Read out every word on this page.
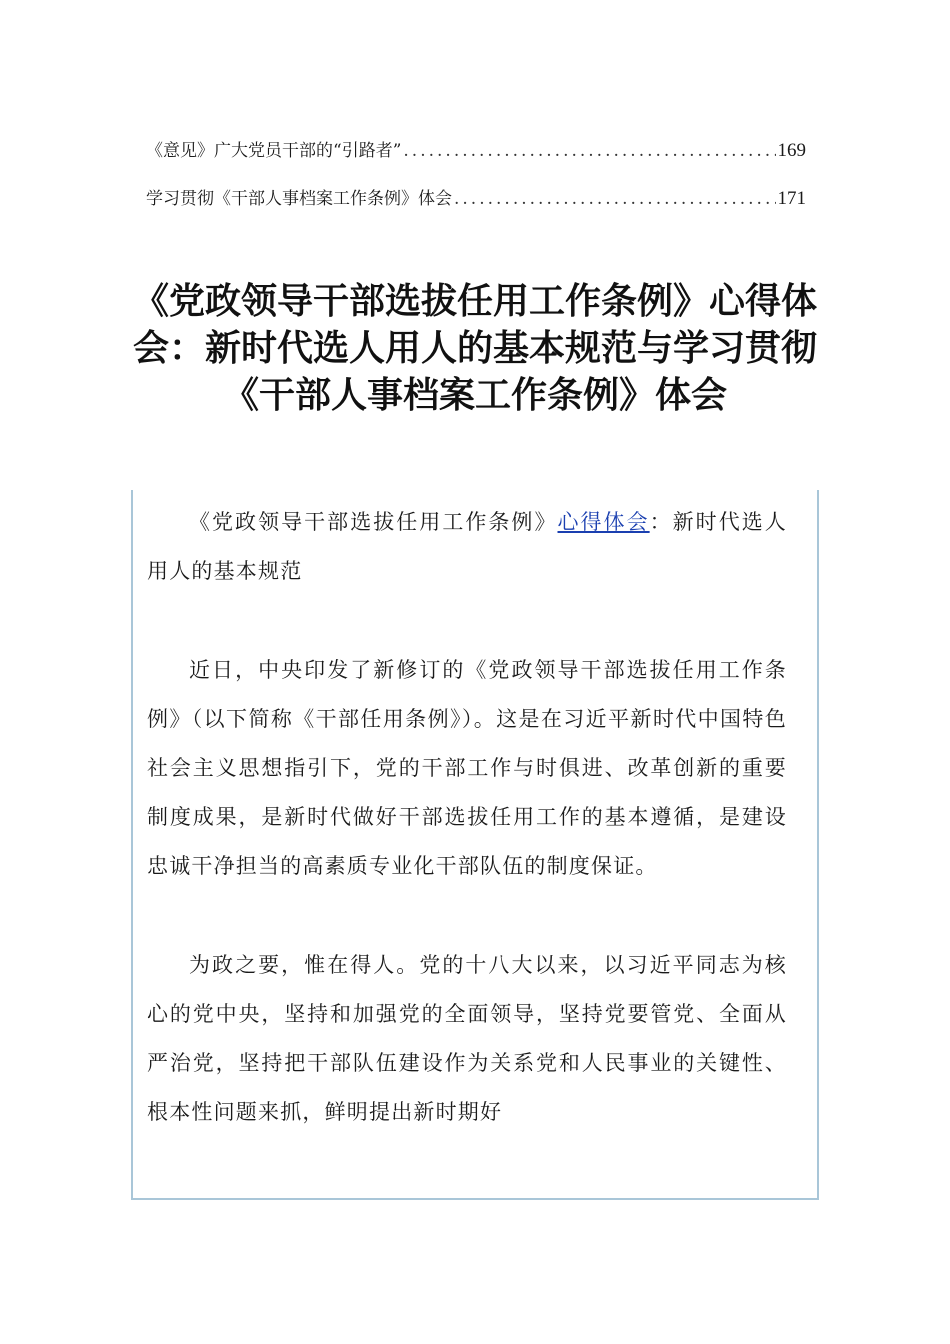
《意见》广大党员干部的“引路者” .....	169
学习贯彻《干部人事档案工作条例》体会 .....	171
《党政领导干部选拔任用工作条例》心得体会：新时代选人用人的基本规范与学习贯彻《干部人事档案工作条例》体会

《党政领导干部选拔任用工作条例》心得体会：新时代选人用人的基本规范

近日，中央印发了新修订的《党政领导干部选拔任用工作条例》（以下简称《干部任用条例》）。这是在习近平新时代中国特色社会主义思想指引下，党的干部工作与时俱进、改革创新的重要制度成果，是新时代做好干部选拔任用工作的基本遵循，是建设忠诚干净担当的高素质专业化干部队伍的制度保证。

为政之要，惟在得人。党的十八大以来，以习近平同志为核心的党中央，坚持和加强党的全面领导，坚持党要管党、全面从严治党，坚持把干部队伍建设作为关系党和人民事业的关键性、根本性问题来抓，鲜明提出新时期好
